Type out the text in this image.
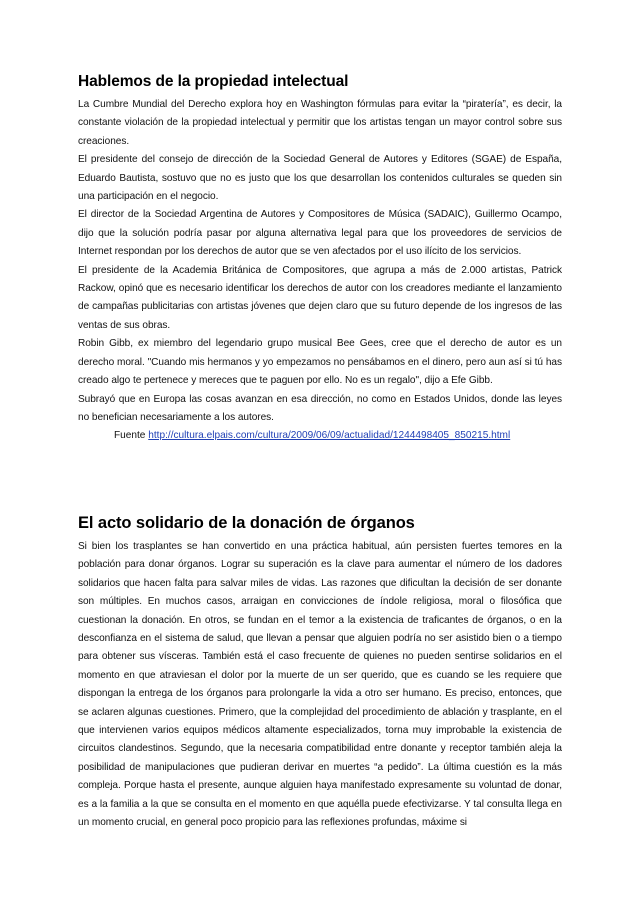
Hablemos de la propiedad intelectual

La Cumbre Mundial del Derecho explora hoy en Washington fórmulas para evitar la “piratería”, es decir, la constante violación de la propiedad intelectual y permitir que los artistas tengan un mayor control sobre sus creaciones.

El presidente del consejo de dirección de la Sociedad General de Autores y Editores (SGAE) de España, Eduardo Bautista, sostuvo que no es justo que los que desarrollan los contenidos culturales se queden sin una participación en el negocio.

El director de la Sociedad Argentina de Autores y Compositores de Música (SADAIC), Guillermo Ocampo, dijo que la solución podría pasar por alguna alternativa legal para que los proveedores de servicios de Internet respondan por los derechos de autor que se ven afectados por el uso ilícito de los servicios.

El presidente de la Academia Británica de Compositores, que agrupa a más de 2.000 artistas, Patrick Rackow, opinó que es necesario identificar los derechos de autor con los creadores mediante el lanzamiento de campañas publicitarias con artistas jóvenes que dejen claro que su futuro depende de los ingresos de las ventas de sus obras.

Robin Gibb, ex miembro del legendario grupo musical Bee Gees, cree que el derecho de autor es un derecho moral. "Cuando mis hermanos y yo empezamos no pensábamos en el dinero, pero aun así si tú has creado algo te pertenece y mereces que te paguen por ello. No es un regalo", dijo a Efe Gibb.

Subrayó que en Europa las cosas avanzan en esa dirección, no como en Estados Unidos, donde las leyes no benefician necesariamente a los autores.

Fuente http://cultura.elpais.com/cultura/2009/06/09/actualidad/1244498405_850215.html
El acto solidario de la donación de órganos

Si bien los trasplantes se han convertido en una práctica habitual, aún persisten fuertes temores en la población para donar órganos. Lograr su superación es la clave para aumentar el número de los dadores solidarios que hacen falta para salvar miles de vidas. Las razones que dificultan la decisión de ser donante son múltiples. En muchos casos, arraigan en convicciones de índole religiosa, moral o filosófica que cuestionan la donación. En otros, se fundan en el temor a la existencia de traficantes de órganos, o en la desconfianza en el sistema de salud, que llevan a pensar que alguien podría no ser asistido bien o a tiempo para obtener sus vísceras. También está el caso frecuente de quienes no pueden sentirse solidarios en el momento en que atraviesan el dolor por la muerte de un ser querido, que es cuando se les requiere que dispongan la entrega de los órganos para prolongarle la vida a otro ser humano. Es preciso, entonces, que se aclaren algunas cuestiones. Primero, que la complejidad del procedimiento de ablación y trasplante, en el que intervienen varios equipos médicos altamente especializados, torna muy improbable la existencia de circuitos clandestinos. Segundo, que la necesaria compatibilidad entre donante y receptor también aleja la posibilidad de manipulaciones que pudieran derivar en muertes “a pedido”. La última cuestión es la más compleja. Porque hasta el presente, aunque alguien haya manifestado expresamente su voluntad de donar, es a la familia a la que se consulta en el momento en que aquélla puede efectivizarse. Y tal consulta llega en un momento crucial, en general poco propicio para las reflexiones profundas, máxime si
